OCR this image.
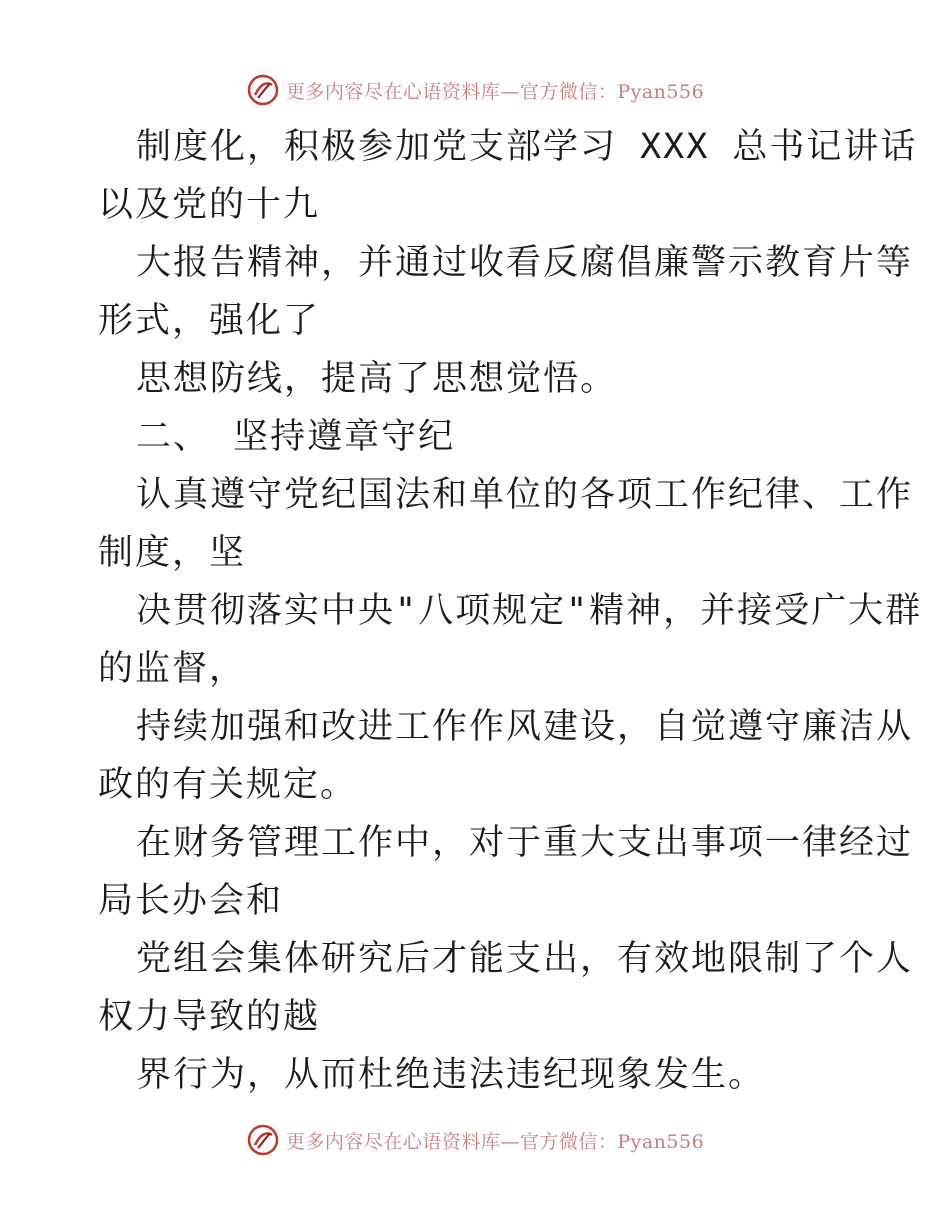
更多内容尽在心语资料库—官方微信：Pyan556
制度化，积极参加党支部学习 XXX 总书记讲话
以及党的十九
大报告精神，并通过收看反腐倡廉警示教育片等
形式，强化了
思想防线，提高了思想觉悟。
二、 坚持遵章守纪
认真遵守党纪国法和单位的各项工作纪律、工作
制度，坚
决贯彻落实中央"八项规定"精神，并接受广大群
的监督，
持续加强和改进工作作风建设，自觉遵守廉洁从
政的有关规定。
在财务管理工作中，对于重大支出事项一律经过
局长办会和
党组会集体研究后才能支出，有效地限制了个人
权力导致的越
界行为，从而杜绝违法违纪现象发生。
更多内容尽在心语资料库—官方微信：Pyan556
